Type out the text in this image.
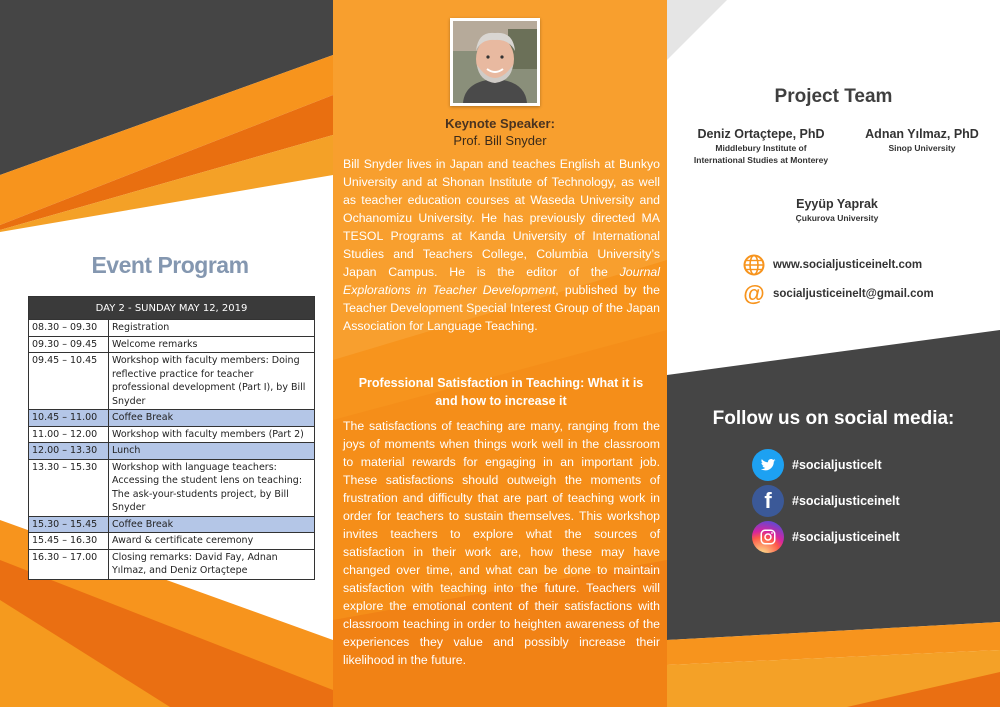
Event Program
DAY 2 - SUNDAY MAY 12, 2019	
08.30 – 09.30	Registration
09.30 – 09.45	Welcome remarks
09.45 – 10.45	Workshop with faculty members: Doing reflective practice for teacher professional development (Part I), by Bill Snyder
10.45 – 11.00	Coffee Break
11.00 – 12.00	Workshop with faculty members (Part 2)
12.00 – 13.30	Lunch
13.30 – 15.30	Workshop with language teachers: Accessing the student lens on teaching: The ask-your-students project, by Bill Snyder
15.30 – 15.45	Coffee Break
15.45 – 16.30	Award & certificate ceremony
16.30 – 17.00	Closing remarks: David Fay, Adnan Yılmaz, and Deniz Ortaçtepe
Keynote Speaker:
Prof. Bill Snyder

Bill Snyder lives in Japan and teaches English at Bunkyo University and at Shonan Institute of Technology, as well as teacher education courses at Waseda University and Ochanomizu University. He has previously directed MA TESOL Programs at Kanda University of International Studies and Teachers College, Columbia University’s Japan Campus. He is the editor of the Journal Explorations in Teacher Development, published by the Teacher Development Special Interest Group of the Japan Association for Language Teaching.

Professional Satisfaction in Teaching: What it is and how to increase it

The satisfactions of teaching are many, ranging from the joys of moments when things work well in the classroom to material rewards for engaging in an important job. These satisfactions should outweigh the moments of frustration and difficulty that are part of teaching work in order for teachers to sustain themselves. This workshop invites teachers to explore what the sources of satisfaction in their work are, how these may have changed over time, and what can be done to maintain satisfaction with teaching into the future. Teachers will explore the emotional content of their satisfactions with classroom teaching in order to heighten awareness of the experiences they value and possibly increase their likelihood in the future.

Project Team
Deniz Ortaçtepe, PhD
Middlebury Institute of
International Studies at Monterey
Adnan Yılmaz, PhD
Sinop University
Eyyüp Yaprak
Çukurova University
www.socialjusticeinelt.com
@ socialjusticeinelt@gmail.com
Follow us on social media:
#socialjusticelt
f #socialjusticeinelt
#socialjusticeinelt
